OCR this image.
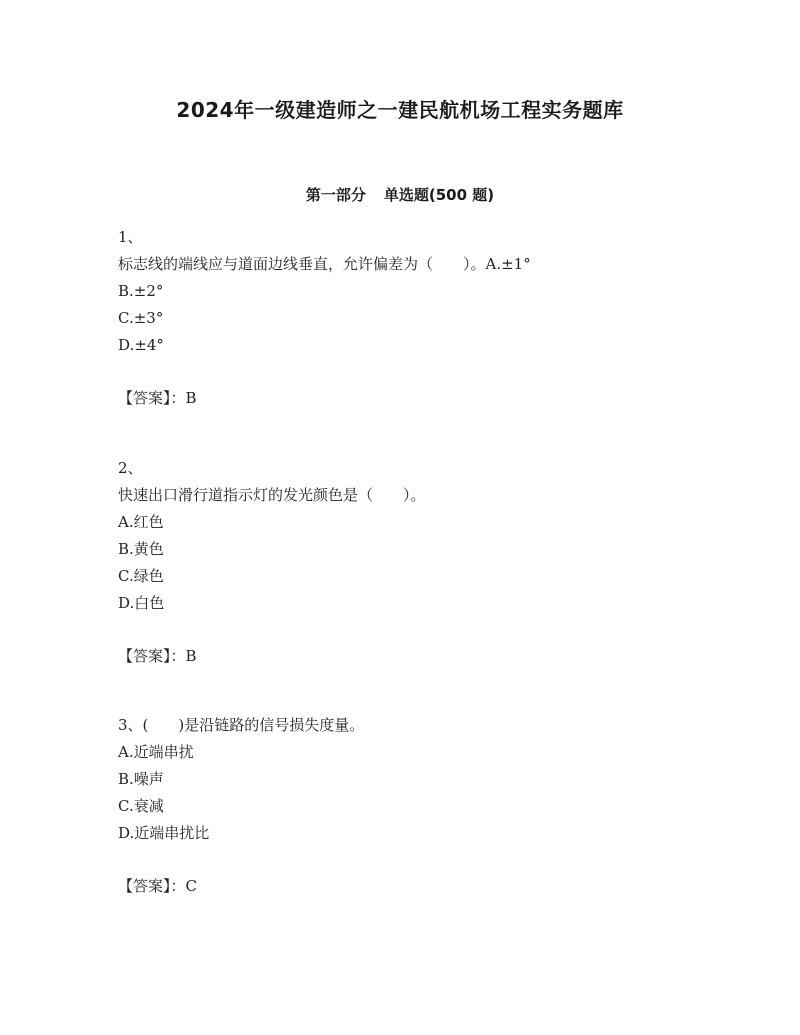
2024年一级建造师之一建民航机场工程实务题库
第一部分 单选题(500 题)
1、
标志线的端线应与道面边线垂直，允许偏差为（　　）。A.±1°
B.±2°
C.±3°
D.±4°
【答案】：B
2、
快速出口滑行道指示灯的发光颜色是（　　）。
A.红色
B.黄色
C.绿色
D.白色
【答案】：B
3、(　　)是沿链路的信号损失度量。
A.近端串扰
B.噪声
C.衰减
D.近端串扰比
【答案】：C
